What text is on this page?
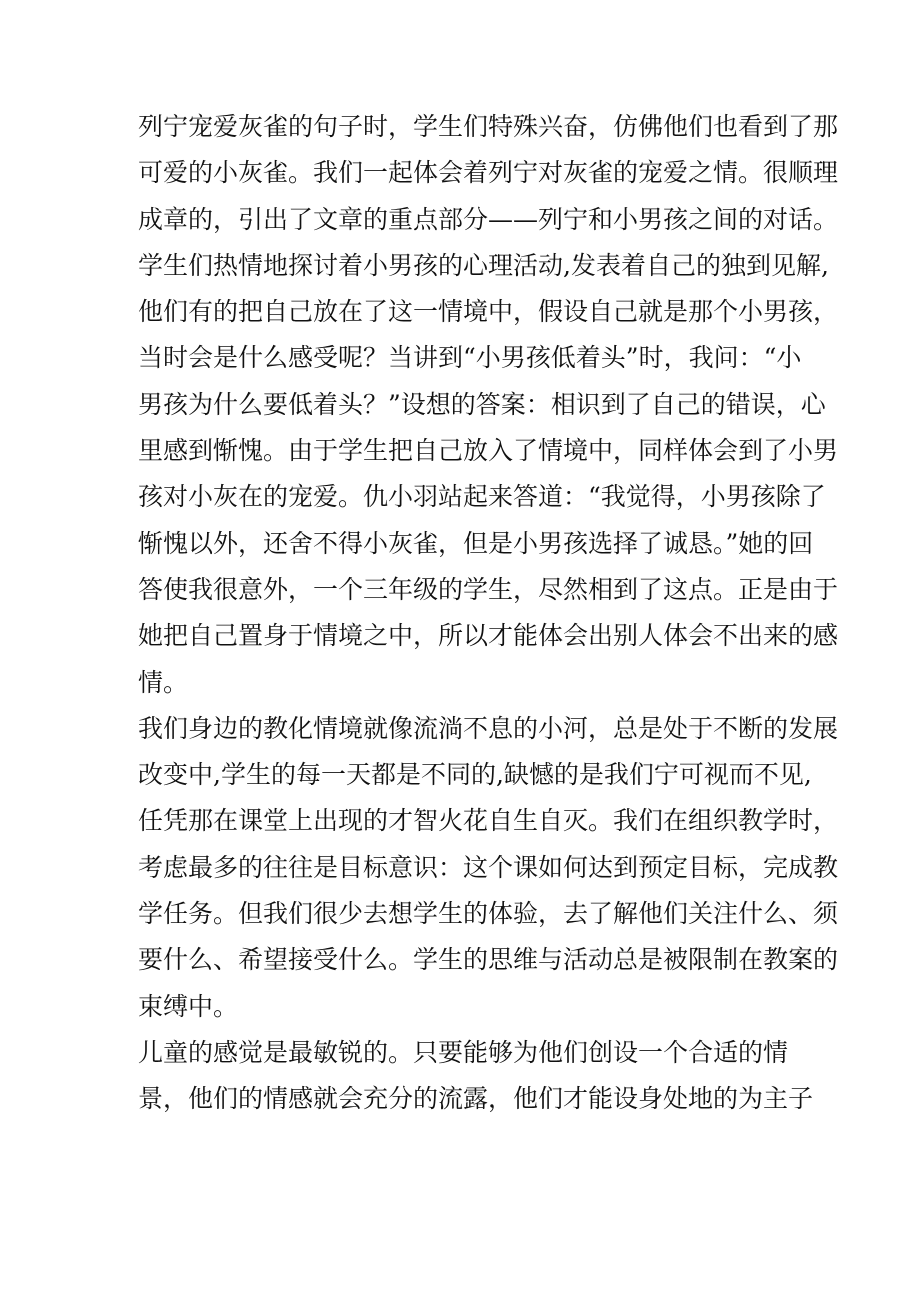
列宁宠爱灰雀的句子时，学生们特殊兴奋，仿佛他们也看到了那
可爱的小灰雀。我们一起体会着列宁对灰雀的宠爱之情。很顺理
成章的，引出了文章的重点部分——列宁和小男孩之间的对话。
学生们热情地探讨着小男孩的心理活动,发表着自己的独到见解,
他们有的把自己放在了这一情境中，假设自己就是那个小男孩，
当时会是什么感受呢？当讲到“小男孩低着头”时，我问：“小
男孩为什么要低着头？”设想的答案：相识到了自己的错误，心
里感到惭愧。由于学生把自己放入了情境中，同样体会到了小男
孩对小灰在的宠爱。仇小羽站起来答道：“我觉得，小男孩除了
惭愧以外，还舍不得小灰雀，但是小男孩选择了诚恳。”她的回
答使我很意外，一个三年级的学生，尽然相到了这点。正是由于
她把自己置身于情境之中，所以才能体会出别人体会不出来的感
情。
我们身边的教化情境就像流淌不息的小河，总是处于不断的发展
改变中,学生的每一天都是不同的,缺憾的是我们宁可视而不见,
任凭那在课堂上出现的才智火花自生自灭。我们在组织教学时，
考虑最多的往往是目标意识：这个课如何达到预定目标，完成教
学任务。但我们很少去想学生的体验，去了解他们关注什么、须
要什么、希望接受什么。学生的思维与活动总是被限制在教案的
束缚中。
儿童的感觉是最敏锐的。只要能够为他们创设一个合适的情
景，他们的情感就会充分的流露，他们才能设身处地的为主子
